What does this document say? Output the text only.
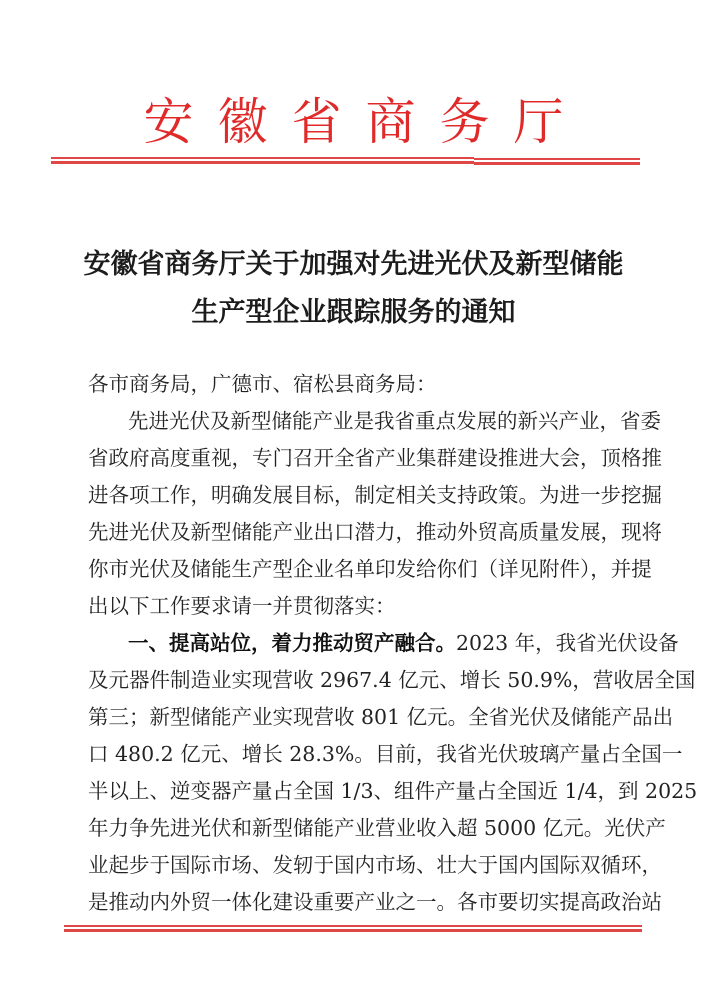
安徽省商务厅
安徽省商务厅关于加强对先进光伏及新型储能
生产型企业跟踪服务的通知
各市商务局，广德市、宿松县商务局：
先进光伏及新型储能产业是我省重点发展的新兴产业，省委
省政府高度重视，专门召开全省产业集群建设推进大会，顶格推
进各项工作，明确发展目标，制定相关支持政策。为进一步挖掘
先进光伏及新型储能产业出口潜力，推动外贸高质量发展，现将
你市光伏及储能生产型企业名单印发给你们（详见附件），并提
出以下工作要求请一并贯彻落实：
一、提高站位，着力推动贸产融合。 2023 年，我省光伏设备
及元器件制造业实现营收 2967.4 亿元、增长 50.9%，营收居全国
第三；新型储能产业实现营收 801 亿元。全省光伏及储能产品出
口 480.2 亿元、增长 28.3%。目前，我省光伏玻璃产量占全国一
半以上、逆变器产量占全国 1/3、组件产量占全国近 1/4，到 2025
年力争先进光伏和新型储能产业营业收入超 5000 亿元。光伏产
业起步于国际市场、发轫于国内市场、壮大于国内国际双循环，
是推动内外贸一体化建设重要产业之一。各市要切实提高政治站
